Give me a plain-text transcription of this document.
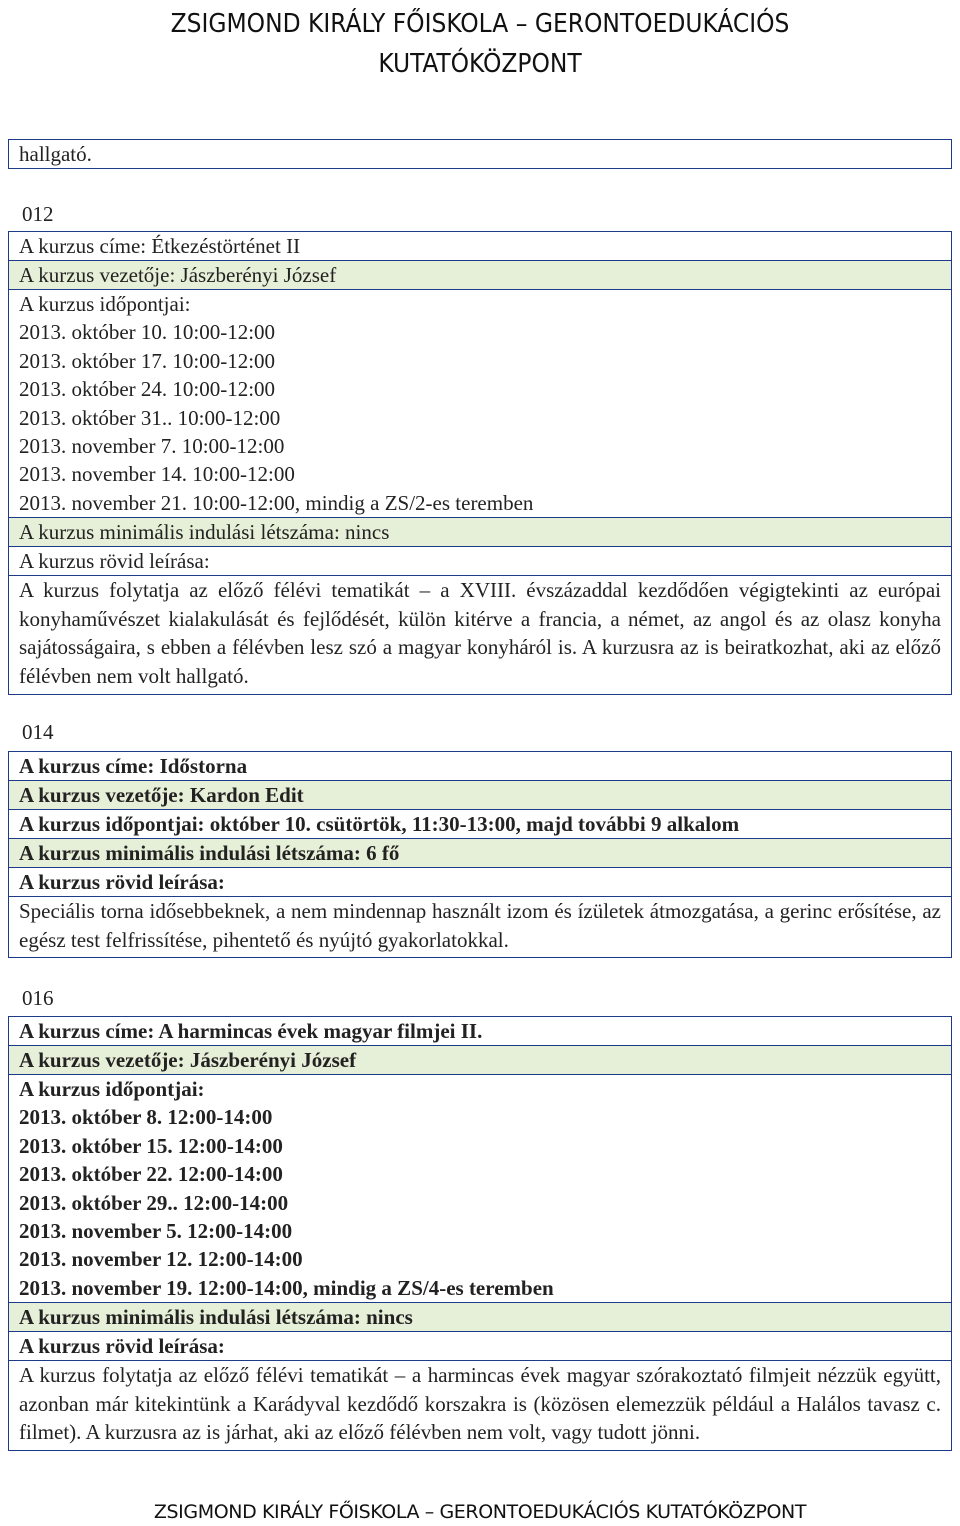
ZSIGMOND KIRÁLY FŐISKOLA – GERONTOEDUKÁCIÓS
KUTATÓKÖZPONT
hallgató.
012
A kurzus címe: Étkezéstörténet II
A kurzus vezetője: Jászberényi József
A kurzus időpontjai:
2013. október 10. 10:00-12:00
2013. október 17. 10:00-12:00
2013. október 24. 10:00-12:00
2013. október 31.. 10:00-12:00
2013. november 7. 10:00-12:00
2013. november 14. 10:00-12:00
2013. november 21. 10:00-12:00, mindig a ZS/2-es teremben
A kurzus minimális indulási létszáma: nincs
A kurzus rövid leírása:
A kurzus folytatja az előző félévi tematikát – a XVIII. évszázaddal kezdődően végigtekinti az európai konyhaművészet kialakulását és fejlődését, külön kitérve a francia, a német, az angol és az olasz konyha sajátosságaira, s ebben a félévben lesz szó a magyar konyháról is. A kurzusra az is beiratkozhat, aki az előző félévben nem volt hallgató.
014
A kurzus címe: Időstorna
A kurzus vezetője: Kardon Edit
A kurzus időpontjai: október 10. csütörtök, 11:30-13:00, majd további 9 alkalom
A kurzus minimális indulási létszáma: 6 fő
A kurzus rövid leírása:
Speciális torna idősebbeknek, a nem mindennap használt izom és ízületek átmozgatása, a gerinc erősítése, az egész test felfrissítése, pihentető és nyújtó gyakorlatokkal.
016
A kurzus címe: A harmincas évek magyar filmjei II.
A kurzus vezetője: Jászberényi József
A kurzus időpontjai:
2013. október 8. 12:00-14:00
2013. október 15. 12:00-14:00
2013. október 22. 12:00-14:00
2013. október 29.. 12:00-14:00
2013. november 5. 12:00-14:00
2013. november 12. 12:00-14:00
2013. november 19. 12:00-14:00, mindig a ZS/4-es teremben
A kurzus minimális indulási létszáma: nincs
A kurzus rövid leírása:
A kurzus folytatja az előző félévi tematikát – a harmincas évek magyar szórakoztató filmjeit nézzük együtt, azonban már kitekintünk a Karádyval kezdődő korszakra is (közösen elemezzük például a Halálos tavasz c. filmet). A kurzusra az is járhat, aki az előző félévben nem volt, vagy tudott jönni.
ZSIGMOND KIRÁLY FŐISKOLA – GERONTOEDUKÁCIÓS KUTATÓKÖZPONT
